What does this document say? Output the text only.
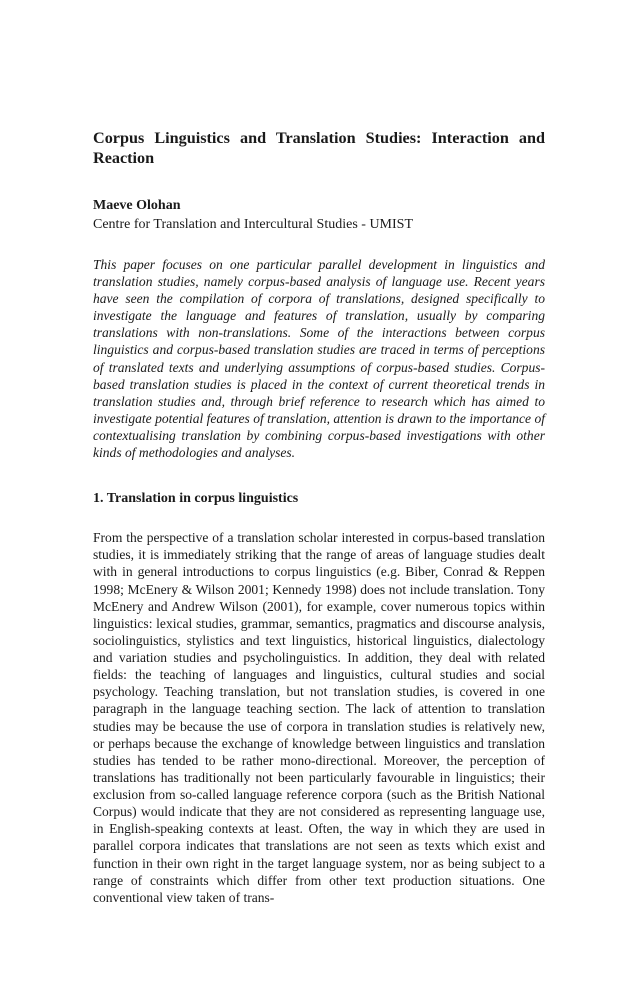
Corpus Linguistics and Translation Studies: Interaction and Reaction

Maeve Olohan

Centre for Translation and Intercultural Studies - UMIST

This paper focuses on one particular parallel development in linguistics and translation studies, namely corpus-based analysis of language use. Recent years have seen the compilation of corpora of translations, designed specifically to investigate the language and features of translation, usually by comparing translations with non-translations. Some of the interactions between corpus linguistics and corpus-based translation studies are traced in terms of perceptions of translated texts and underlying assumptions of corpus-based studies. Corpus-based translation studies is placed in the context of current theoretical trends in translation studies and, through brief reference to research which has aimed to investigate potential features of translation, attention is drawn to the importance of contextualising translation by combining corpus-based investigations with other kinds of methodologies and analyses.

1. Translation in corpus linguistics

From the perspective of a translation scholar interested in corpus-based translation studies, it is immediately striking that the range of areas of language studies dealt with in general introductions to corpus linguistics (e.g. Biber, Conrad & Reppen 1998; McEnery & Wilson 2001; Kennedy 1998) does not include translation. Tony McEnery and Andrew Wilson (2001), for example, cover numerous topics within linguistics: lexical studies, grammar, semantics, pragmatics and discourse analysis, sociolinguistics, stylistics and text linguistics, historical linguistics, dialectology and variation studies and psycholinguistics. In addition, they deal with related fields: the teaching of languages and linguistics, cultural studies and social psychology. Teaching translation, but not translation studies, is covered in one paragraph in the language teaching section. The lack of attention to translation studies may be because the use of corpora in translation studies is relatively new, or perhaps because the exchange of knowledge between linguistics and translation studies has tended to be rather mono-directional. Moreover, the perception of translations has traditionally not been particularly favourable in linguistics; their exclusion from so-called language reference corpora (such as the British National Corpus) would indicate that they are not considered as representing language use, in English-speaking contexts at least. Often, the way in which they are used in parallel corpora indicates that translations are not seen as texts which exist and function in their own right in the target language system, nor as being subject to a range of constraints which differ from other text production situations. One conventional view taken of trans-
